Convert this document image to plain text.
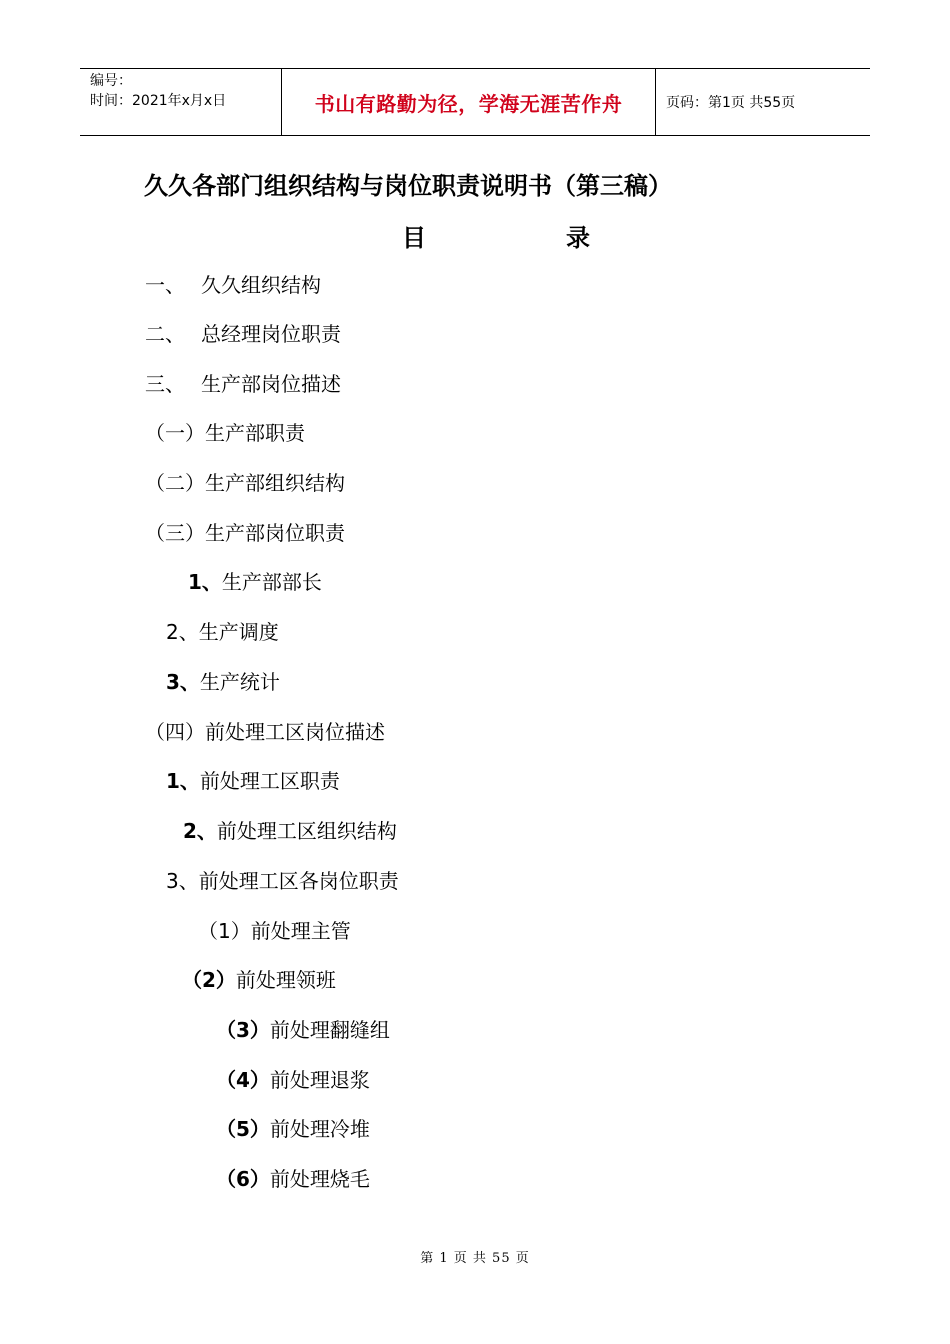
编号：
时间：2021年x月x日	书山有路勤为径，学海无涯苦作舟	页码：第1页 共55页
久久各部门组织结构与岗位职责说明书（第三稿）
目	录
一、 久久组织结构
二、 总经理岗位职责
三、 生产部岗位描述
（一）生产部职责
（二）生产部组织结构
（三）生产部岗位职责
1、生产部部长
2、生产调度
3、生产统计
（四）前处理工区岗位描述
1、前处理工区职责
2、前处理工区组织结构
3、前处理工区各岗位职责
（1）前处理主管
（2）前处理领班
（3）前处理翻缝组
（4）前处理退浆
（5）前处理冷堆
（6）前处理烧毛
第 1 页 共 55 页
